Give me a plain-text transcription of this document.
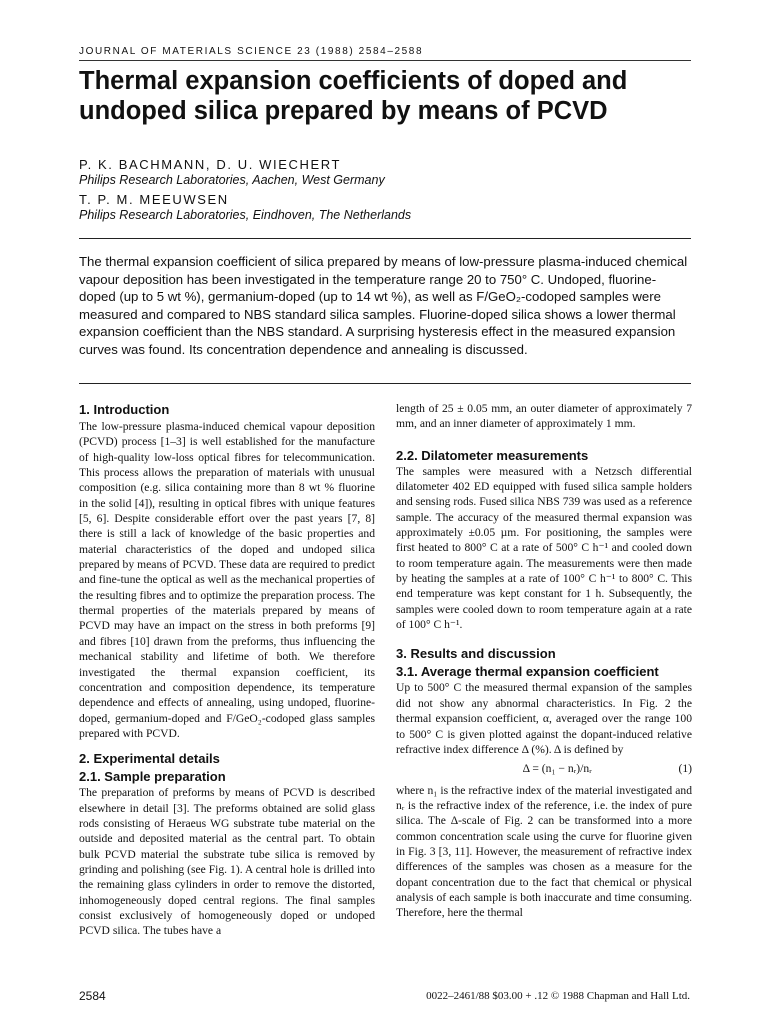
JOURNAL OF MATERIALS SCIENCE 23 (1988) 2584–2588
Thermal expansion coefficients of doped and undoped silica prepared by means of PCVD
P. K. BACHMANN, D. U. WIECHERT
Philips Research Laboratories, Aachen, West Germany
T. P. M. MEEUWSEN
Philips Research Laboratories, Eindhoven, The Netherlands
The thermal expansion coefficient of silica prepared by means of low-pressure plasma-induced chemical vapour deposition has been investigated in the temperature range 20 to 750° C. Undoped, fluorine-doped (up to 5 wt %), germanium-doped (up to 14 wt %), as well as F/GeO₂-codoped samples were measured and compared to NBS standard silica samples. Fluorine-doped silica shows a lower thermal expansion coefficient than the NBS standard. A surprising hysteresis effect in the measured expansion curves was found. Its concentration dependence and annealing is discussed.
1. Introduction

The low-pressure plasma-induced chemical vapour deposition (PCVD) process [1–3] is well established for the manufacture of high-quality low-loss optical fibres for telecommunication. This process allows the preparation of materials with unusual composition (e.g. silica containing more than 8 wt % fluorine in the solid [4]), resulting in optical fibres with unique features [5, 6]. Despite considerable effort over the past years [7, 8] there is still a lack of knowledge of the basic properties and material characteristics of the doped and undoped silica prepared by means of PCVD. These data are required to predict and fine-tune the optical as well as the mechanical properties of the resulting fibres and to optimize the preparation process. The thermal properties of the materials prepared by means of PCVD may have an impact on the stress in both preforms [9] and fibres [10] drawn from the preforms, thus influencing the mechanical stability and lifetime of both. We therefore investigated the thermal expansion coefficient, its concentration and composition dependence, its temperature dependence and effects of annealing, using undoped, fluorine-doped, germanium-doped and F/GeO₂-codoped glass samples prepared with PCVD.

2. Experimental details
2.1. Sample preparation

The preparation of preforms by means of PCVD is described elsewhere in detail [3]. The preforms obtained are solid glass rods consisting of Heraeus WG substrate tube material on the outside and deposited material as the central part. To obtain bulk PCVD material the substrate tube silica is removed by grinding and polishing (see Fig. 1). A central hole is drilled into the remaining glass cylinders in order to remove the distorted, inhomogeneously doped central regions. The final samples consist exclusively of homogeneously doped or undoped PCVD silica. The tubes have a

length of 25 ± 0.05 mm, an outer diameter of approximately 7 mm, and an inner diameter of approximately 1 mm.

2.2. Dilatometer measurements

The samples were measured with a Netzsch differential dilatometer 402 ED equipped with fused silica sample holders and sensing rods. Fused silica NBS 739 was used as a reference sample. The accuracy of the measured thermal expansion was approximately ±0.05 µm. For positioning, the samples were first heated to 800° C at a rate of 500° C h⁻¹ and cooled down to room temperature again. The measurements were then made by heating the samples at a rate of 100° C h⁻¹ to 800° C. This end temperature was kept constant for 1 h. Subsequently, the samples were cooled down to room temperature again at a rate of 100° C h⁻¹.

3. Results and discussion
3.1. Average thermal expansion coefficient

Up to 500° C the measured thermal expansion of the samples did not show any abnormal characteristics. In Fig. 2 the thermal expansion coefficient, α, averaged over the range 100 to 500° C is given plotted against the dopant-induced relative refractive index difference Δ (%). Δ is defined by

Δ = (n₁ − nᵣ)/nᵣ	(1)

where n₁ is the refractive index of the material investigated and nᵣ is the refractive index of the reference, i.e. the index of pure silica. The Δ-scale of Fig. 2 can be transformed into a more common concentration scale using the curve for fluorine given in Fig. 3 [3, 11]. However, the measurement of refractive index differences of the samples was chosen as a measure for the dopant concentration due to the fact that chemical or physical analysis of each sample is both inaccurate and time consuming. Therefore, here the thermal

2584	0022–2461/88 $03.00 + .12 © 1988 Chapman and Hall Ltd.
